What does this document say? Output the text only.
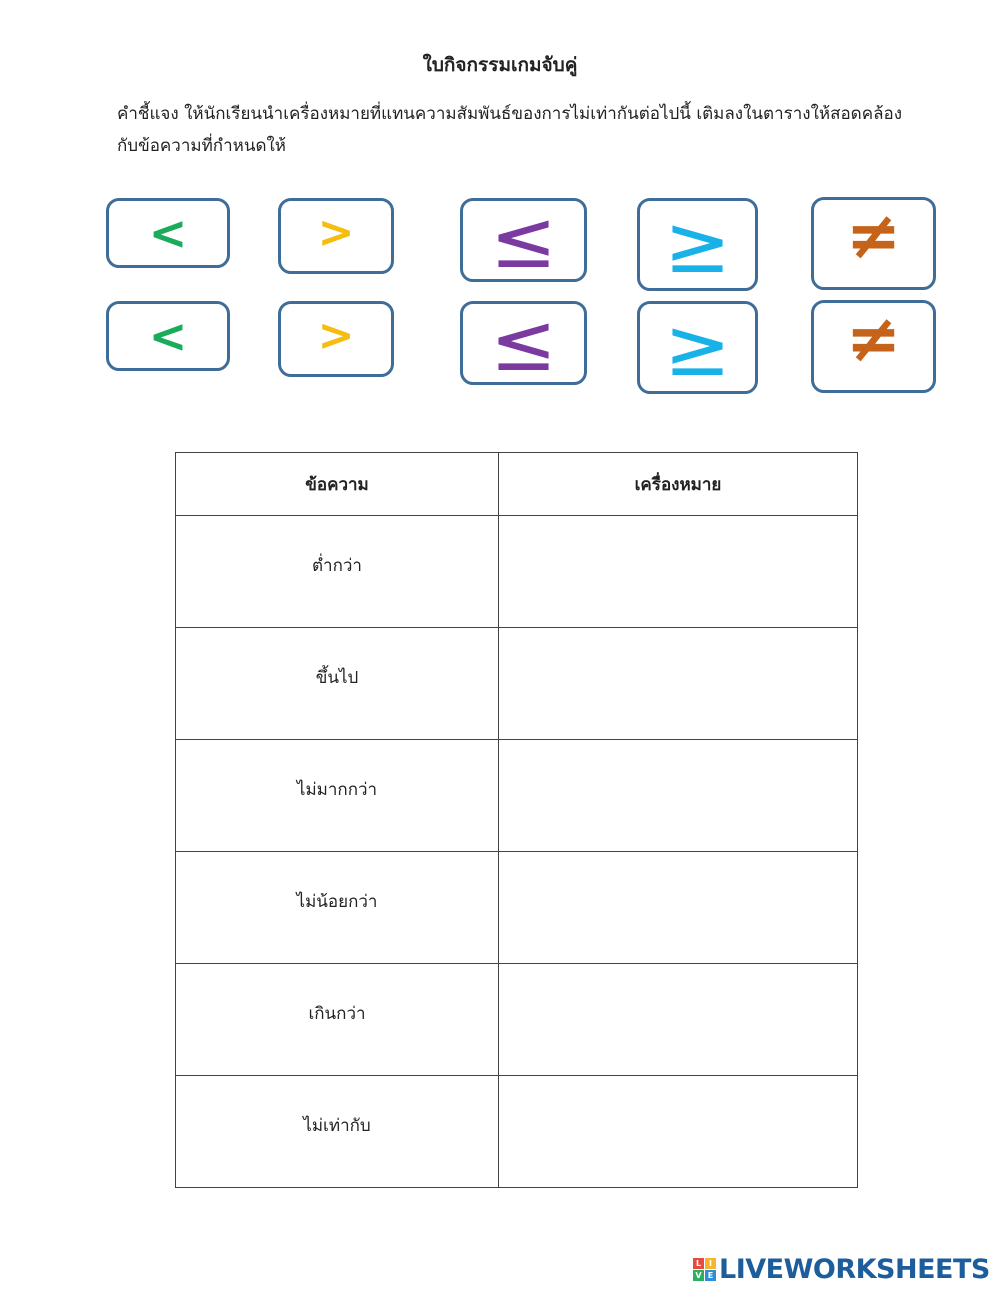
ใบกิจกรรมเกมจับคู่
คำชี้แจง ให้นักเรียนนำเครื่องหมายที่แทนความสัมพันธ์ของการไม่เท่ากันต่อไปนี้ เติมลงในตารางให้สอดคล้องกับข้อความที่กำหนดให้
<	> ≤ ≥ ≠
<	> ≤ ≥ ≠
ข้อความ	เครื่องหมาย
ต่ำกว่า	
ขึ้นไป	
ไม่มากกว่า	
ไม่น้อยกว่า	
เกินกว่า	
ไม่เท่ากับ	
L I
V E LIVEWORKSHEETS
